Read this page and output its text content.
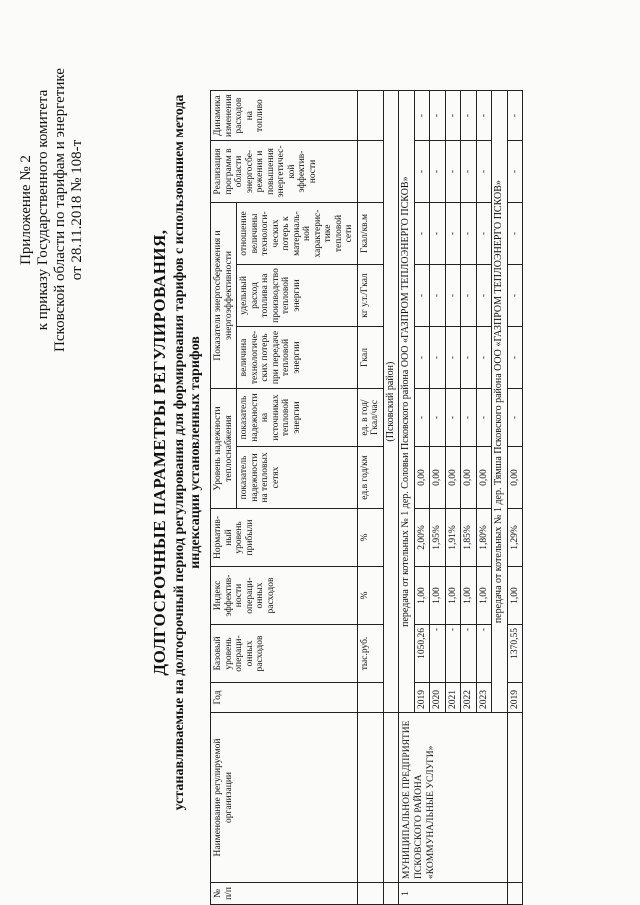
Приложение № 2 к приказу Государственного комитета Псковской области по тарифам и энергетике от 28.11.2018 № 108-т
ДОЛГОСРОЧНЫЕ ПАРАМЕТРЫ РЕГУЛИРОВАНИЯ, устанавливаемые на долгосрочный период регулирования для формирования тарифов с использованием метода индексации установленных тарифов
№ п/п	Наименование регулируемой организации	Год	Базовый уровень операци-онных расходов	Индекс эффектив-ности операци-онных расходов	Норматив-ный уровень прибыли	Уровень надежности теплоснабжения		Показатели энергосбережения и энергоэффективности			Реализация программ в области энергосбе-режения и повышения энергетичес-кой эффектив-ности	Динамика изменения расходов на топливо
						показатель надежности на тепловых сетях	показатель надежности на источниках тепловой энергии	величина технологиче-ских потерь при передаче тепловой энергии	удельный расход топлива на производство тепловой энергии	отношение величины технологи-ческих потерь к материаль-ной характерис-тике тепловой сети		
			тыс.руб.	%	%	ед.в год/км	ед. в год/Гкал/час	Гкал	кг у.т./Гкал	Гкал/кв.м		
		(Псковский район)										
1	МУНИЦИПАЛЬНОЕ ПРЕДПРИЯТИЕ ПСКОВСКОГО РАЙОНА «КОММУНАЛЬНЫЕ УСЛУГИ»	передача от котельных № 1 дер. Соловьи Псковского района ООО «ГАЗПРОМ ТЕПЛОЭНЕРГО ПСКОВ»										
		2019	1050,26	1,00	2,00%	0,00	-	-	-	-	-	-
		2020	-	1,00	1,95%	0,00	-	-	-	-	-	-
		2021	-	1,00	1,91%	0,00	-	-	-	-	-	-
		2022	-	1,00	1,85%	0,00	-	-	-	-	-	-
		2023	-	1,00	1,80%	0,00	-	-	-	-	-	-
		передача от котельных № 1 дер. Тямша Псковского района ООО «ГАЗПРОМ ТЕПЛОЭНЕРГО ПСКОВ»										
		2019	1370,55	1,00	1,29%	0,00	-	-	-	-	-	-
